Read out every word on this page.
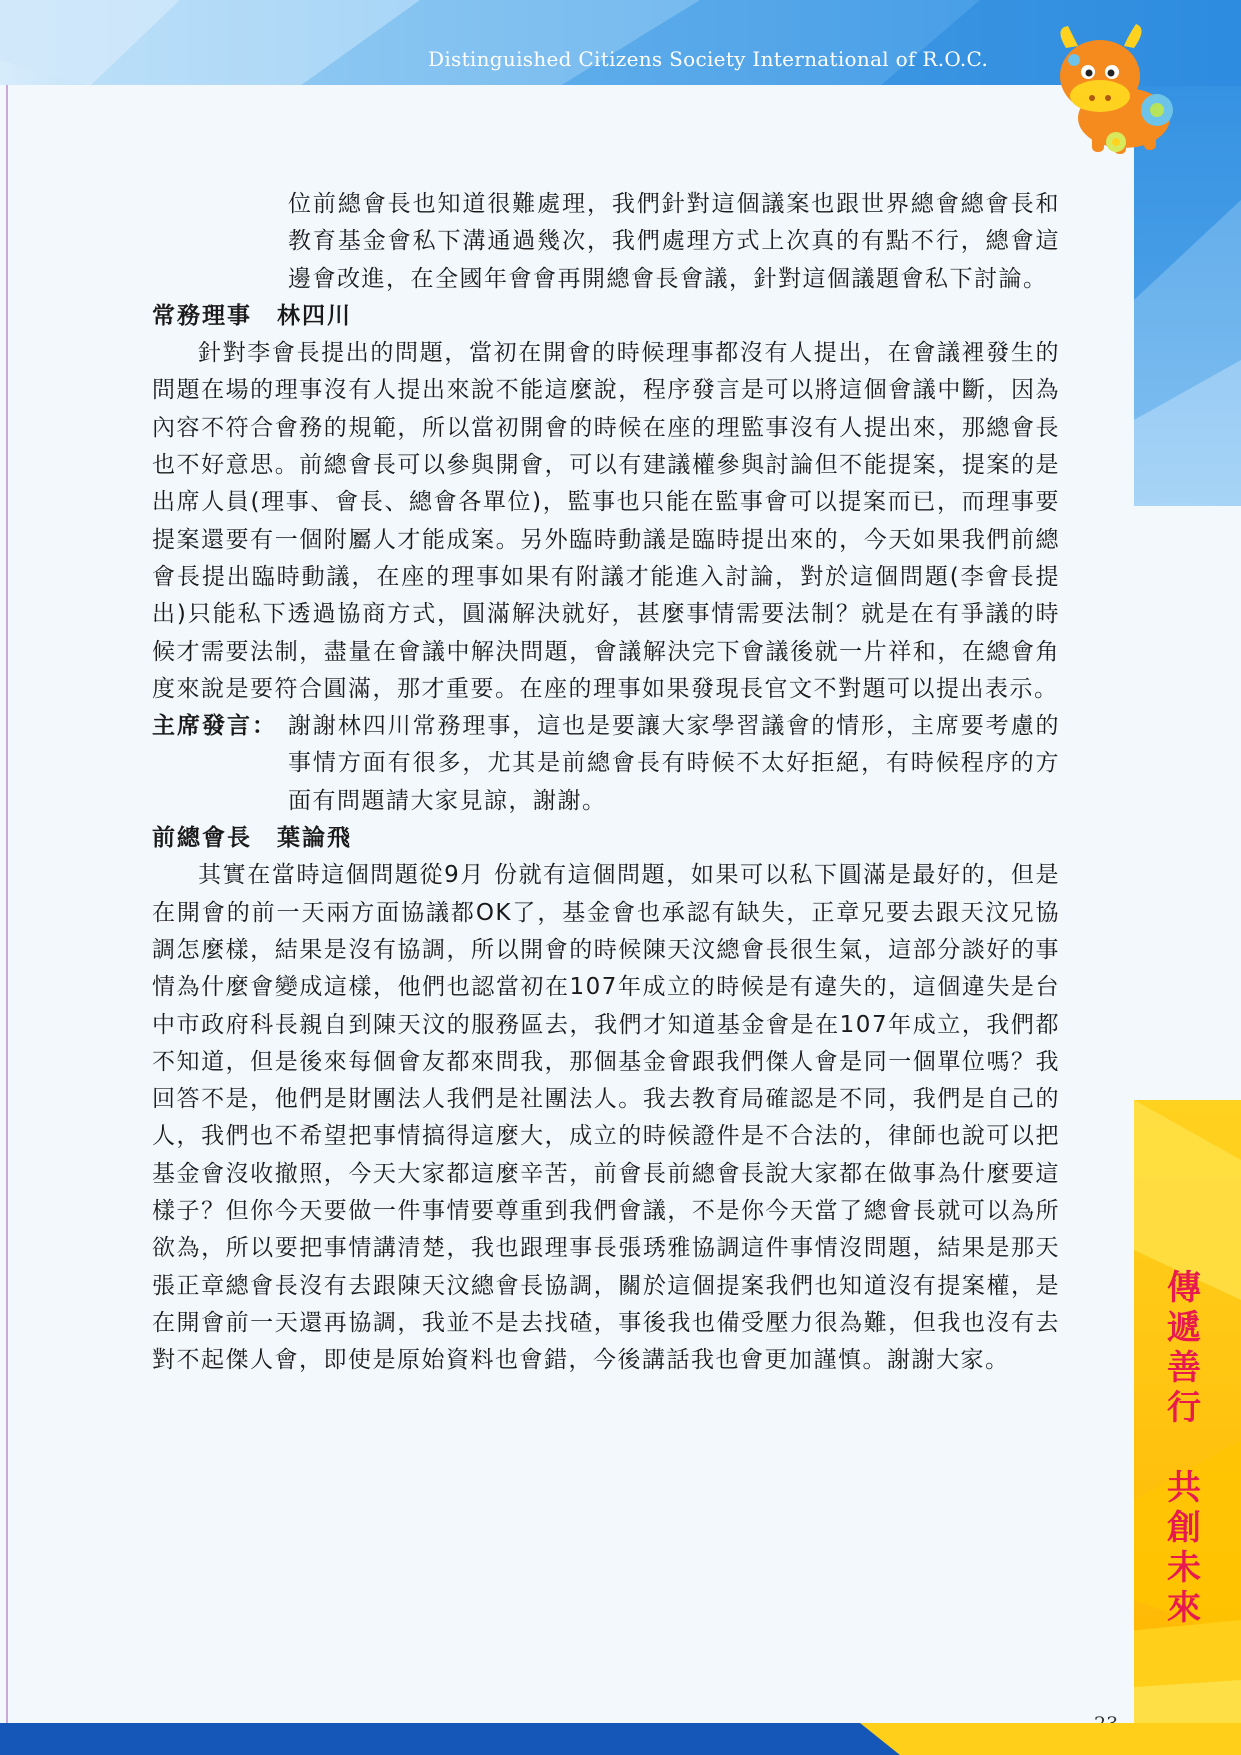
Distinguished Citizens Society International of R.O.C.

位前總會長也知道很難處理，我們針對這個議案也跟世界總會總會長和教育基金會私下溝通過幾次，我們處理方式上次真的有點不行，總會這邊會改進，在全國年會會再開總會長會議，針對這個議題會私下討論。

常務理事　林四川

針對李會長提出的問題，當初在開會的時候理事都沒有人提出，在會議裡發生的問題在場的理事沒有人提出來說不能這麼說，程序發言是可以將這個會議中斷，因為內容不符合會務的規範，所以當初開會的時候在座的理監事沒有人提出來，那總會長也不好意思。前總會長可以參與開會，可以有建議權參與討論但不能提案，提案的是出席人員(理事、會長、總會各單位)，監事也只能在監事會可以提案而已，而理事要提案還要有一個附屬人才能成案。另外臨時動議是臨時提出來的，今天如果我們前總會長提出臨時動議，在座的理事如果有附議才能進入討論，對於這個問題(李會長提出)只能私下透過協商方式，圓滿解決就好，甚麼事情需要法制？就是在有爭議的時候才需要法制，盡量在會議中解決問題，會議解決完下會議後就一片祥和，在總會角度來說是要符合圓滿，那才重要。在座的理事如果發現長官文不對題可以提出表示。

主席發言： 謝謝林四川常務理事，這也是要讓大家學習議會的情形，主席要考慮的事情方面有很多，尤其是前總會長有時候不太好拒絕，有時候程序的方面有問題請大家見諒，謝謝。

前總會長　葉論飛

其實在當時這個問題從9月 份就有這個問題，如果可以私下圓滿是最好的，但是在開會的前一天兩方面協議都OK了，基金會也承認有缺失，正章兄要去跟天汶兄協調怎麼樣，結果是沒有協調，所以開會的時候陳天汶總會長很生氣，這部分談好的事情為什麼會變成這樣，他們也認當初在107年成立的時候是有違失的，這個違失是台中市政府科長親自到陳天汶的服務區去，我們才知道基金會是在107年成立，我們都不知道，但是後來每個會友都來問我，那個基金會跟我們傑人會是同一個單位嗎？我回答不是，他們是財團法人我們是社團法人。我去教育局確認是不同，我們是自己的人，我們也不希望把事情搞得這麼大，成立的時候證件是不合法的，律師也說可以把基金會沒收撤照，今天大家都這麼辛苦，前會長前總會長說大家都在做事為什麼要這樣子？但你今天要做一件事情要尊重到我們會議，不是你今天當了總會長就可以為所欲為，所以要把事情講清楚，我也跟理事長張琇雅協調這件事情沒問題，結果是那天張正章總會長沒有去跟陳天汶總會長協調，關於這個提案我們也知道沒有提案權，是在開會前一天還再協調，我並不是去找碴，事後我也備受壓力很為難，但我也沒有去對不起傑人會，即使是原始資料也會錯，今後講話我也會更加謹慎。謝謝大家。

傳
遞
善
行
共
創
未
來
